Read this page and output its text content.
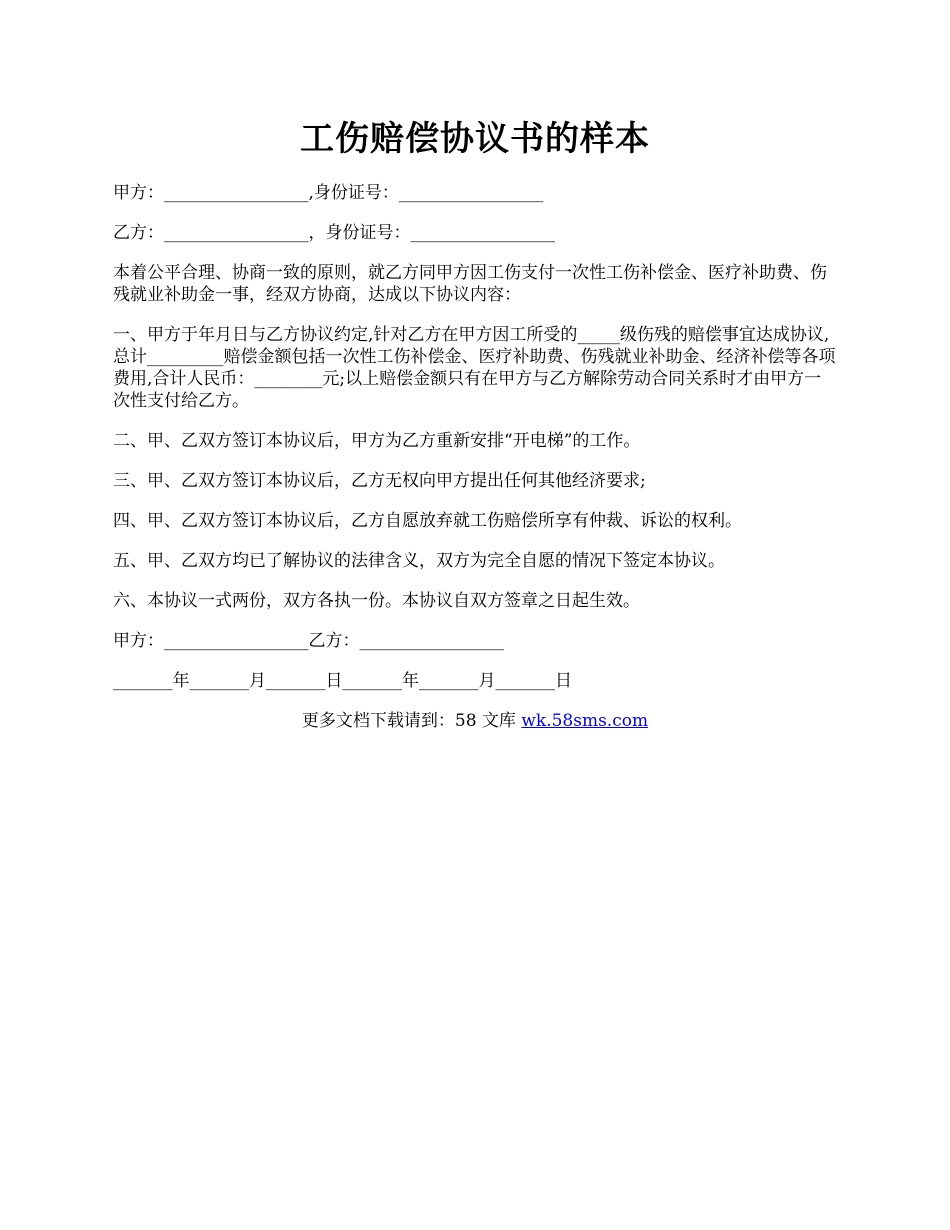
工伤赔偿协议书的样本

甲方：_________________,身份证号：_________________

乙方：_________________，身份证号：_________________

本着公平合理、协商一致的原则，就乙方同甲方因工伤支付一次性工伤补偿金、医疗补助费、伤残就业补助金一事，经双方协商，达成以下协议内容：

一、甲方于年月日与乙方协议约定,针对乙方在甲方因工所受的_____级伤残的赔偿事宜达成协议,总计_________赔偿金额包括一次性工伤补偿金、医疗补助费、伤残就业补助金、经济补偿等各项费用,合计人民币：________元;以上赔偿金额只有在甲方与乙方解除劳动合同关系时才由甲方一次性支付给乙方。

二、甲、乙双方签订本协议后，甲方为乙方重新安排“开电梯”的工作。

三、甲、乙双方签订本协议后，乙方无权向甲方提出任何其他经济要求;

四、甲、乙双方签订本协议后，乙方自愿放弃就工伤赔偿所享有仲裁、诉讼的权利。

五、甲、乙双方均已了解协议的法律含义，双方为完全自愿的情况下签定本协议。

六、本协议一式两份，双方各执一份。本协议自双方签章之日起生效。

甲方：_________________乙方：_________________

_______年_______月_______日_______年_______月_______日

更多文档下载请到：58 文库 wk.58sms.com
